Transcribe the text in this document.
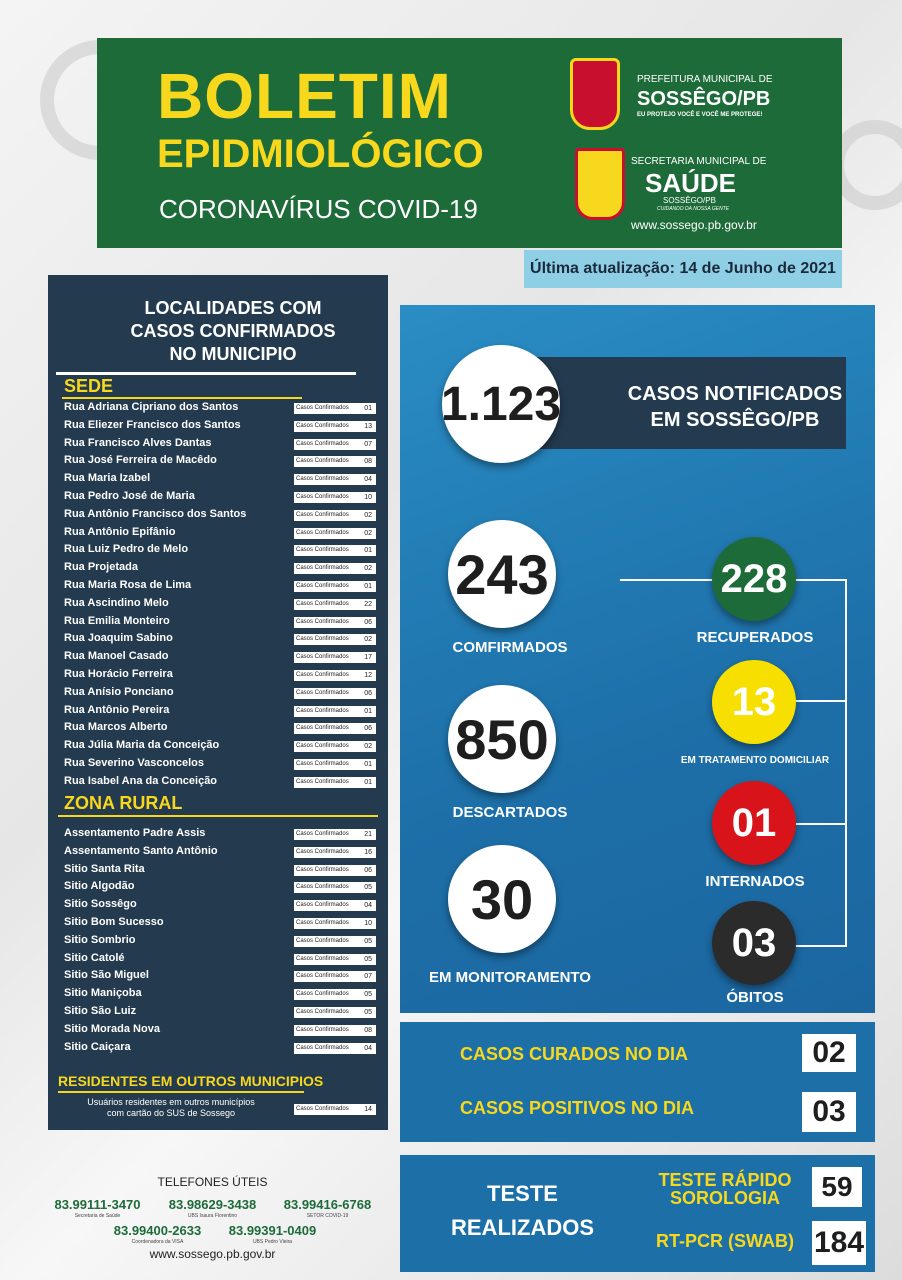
BOLETIM
EPIDMIOLÓGICO
CORONAVÍRUS COVID-19
PREFEITURA MUNICIPAL DE
SOSSÊGO/PB
EU PROTEJO VOCÊ E VOCÊ ME PROTEGE!
SECRETARIA MUNICIPAL DE
SAÚDE
SOSSÊGO/PB
CUIDANDO DA NOSSA GENTE
www.sossego.pb.gov.br
Última atualização:
14 de Junho de 2021
LOCALIDADES COM
CASOS CONFIRMADOS
NO MUNICIPIO
SEDE
Rua Adriana Cipriano dos Santos	Casos Confirmados 01
Rua Eliezer Francisco dos Santos	Casos Confirmados 13
Rua Francisco Alves Dantas	Casos Confirmados 07
Rua José Ferreira de Macêdo	Casos Confirmados 08
Rua Maria Izabel	Casos Confirmados 04
Rua Pedro José de Maria	Casos Confirmados 10
Rua Antônio Francisco dos Santos	Casos Confirmados 02
Rua Antônio Epifânio	Casos Confirmados 02
Rua Luiz Pedro de Melo	Casos Confirmados 01
Rua Projetada	Casos Confirmados 02
Rua Maria Rosa de Lima	Casos Confirmados 01
Rua Ascindino Melo	Casos Confirmados 22
Rua Emilia Monteiro	Casos Confirmados 06
Rua Joaquim Sabino	Casos Confirmados 02
Rua Manoel Casado	Casos Confirmados 17
Rua Horácio Ferreira	Casos Confirmados 12
Rua Anísio Ponciano	Casos Confirmados 06
Rua Antônio Pereira	Casos Confirmados 01
Rua Marcos Alberto	Casos Confirmados 06
Rua Júlia Maria da Conceição	Casos Confirmados 02
Rua Severino Vasconcelos	Casos Confirmados 01
Rua Isabel Ana da Conceição	Casos Confirmados 01
ZONA RURAL
Assentamento Padre Assis	Casos Confirmados 21
Assentamento Santo Antônio	Casos Confirmados 16
Sitio Santa Rita	Casos Confirmados 06
Sitio Algodão	Casos Confirmados 05
Sitio Sossêgo	Casos Confirmados 04
Sitio Bom Sucesso	Casos Confirmados 10
Sitio Sombrio	Casos Confirmados 05
Sitio Catolé	Casos Confirmados 05
Sitio São Miguel	Casos Confirmados 07
Sitio Maniçoba	Casos Confirmados 05
Sitio São Luiz	Casos Confirmados 05
Sitio Morada Nova	Casos Confirmados 08
Sitio Caiçara	Casos Confirmados 04
RESIDENTES EM OUTROS MUNICIPIOS
Usuários residentes em outros municípios
com cartão do SUS de Sossego	Casos Confirmados 14
CASOS NOTIFICADOS
EM SOSSÊGO/PB
1.123
243
COMFIRMADOS
850
DESCARTADOS
30
EM MONITORAMENTO
228
RECUPERADOS
13
EM TRATAMENTO DOMICILIAR
01
INTERNADOS
03
ÓBITOS
CASOS CURADOS NO DIA	02
CASOS POSITIVOS NO DIA	03
TESTE
REALIZADOS
TESTE RÁPIDO
SOROLOGIA	59
RT-PCR (SWAB) 184
TELEFONES ÚTEIS
83.99111-3470
Secretaria de Saúde
83.98629-3438
UBS Isaura Florentino
83.99416-6768
SETOR COVID-19
83.99400-2633
Coordenadora da VISA
83.99391-0409
UBS Pedro Vieira
www.sossego.pb.gov.br
